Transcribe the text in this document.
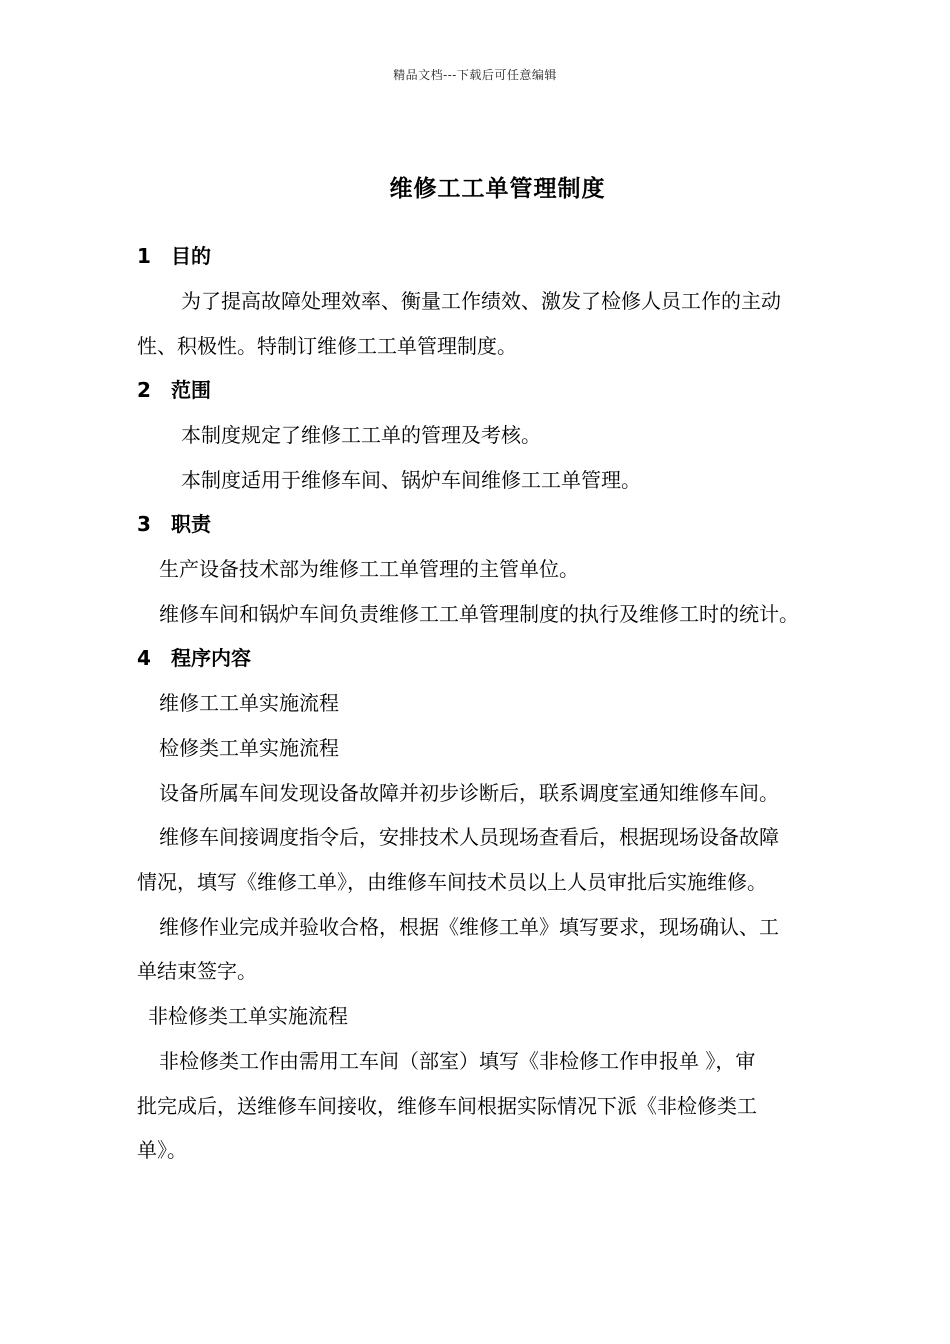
精品文档---下载后可任意编辑
维修工工单管理制度
1 目的
为了提高故障处理效率、衡量工作绩效、激发了检修人员工作的主动
性、积极性。特制订维修工工单管理制度。
2 范围
本制度规定了维修工工单的管理及考核。
本制度适用于维修车间、锅炉车间维修工工单管理。
3 职责
生产设备技术部为维修工工单管理的主管单位。
维修车间和锅炉车间负责维修工工单管理制度的执行及维修工时的统计。
4 程序内容
维修工工单实施流程
检修类工单实施流程
设备所属车间发现设备故障并初步诊断后，联系调度室通知维修车间。
维修车间接调度指令后，安排技术人员现场查看后，根据现场设备故障
情况，填写《维修工单》，由维修车间技术员以上人员审批后实施维修。
维修作业完成并验收合格，根据《维修工单》填写要求，现场确认、工
单结束签字。
非检修类工单实施流程
非检修类工作由需用工车间（部室）填写《非检修工作申报单 》，审
批完成后，送维修车间接收，维修车间根据实际情况下派《非检修类工
单》。
